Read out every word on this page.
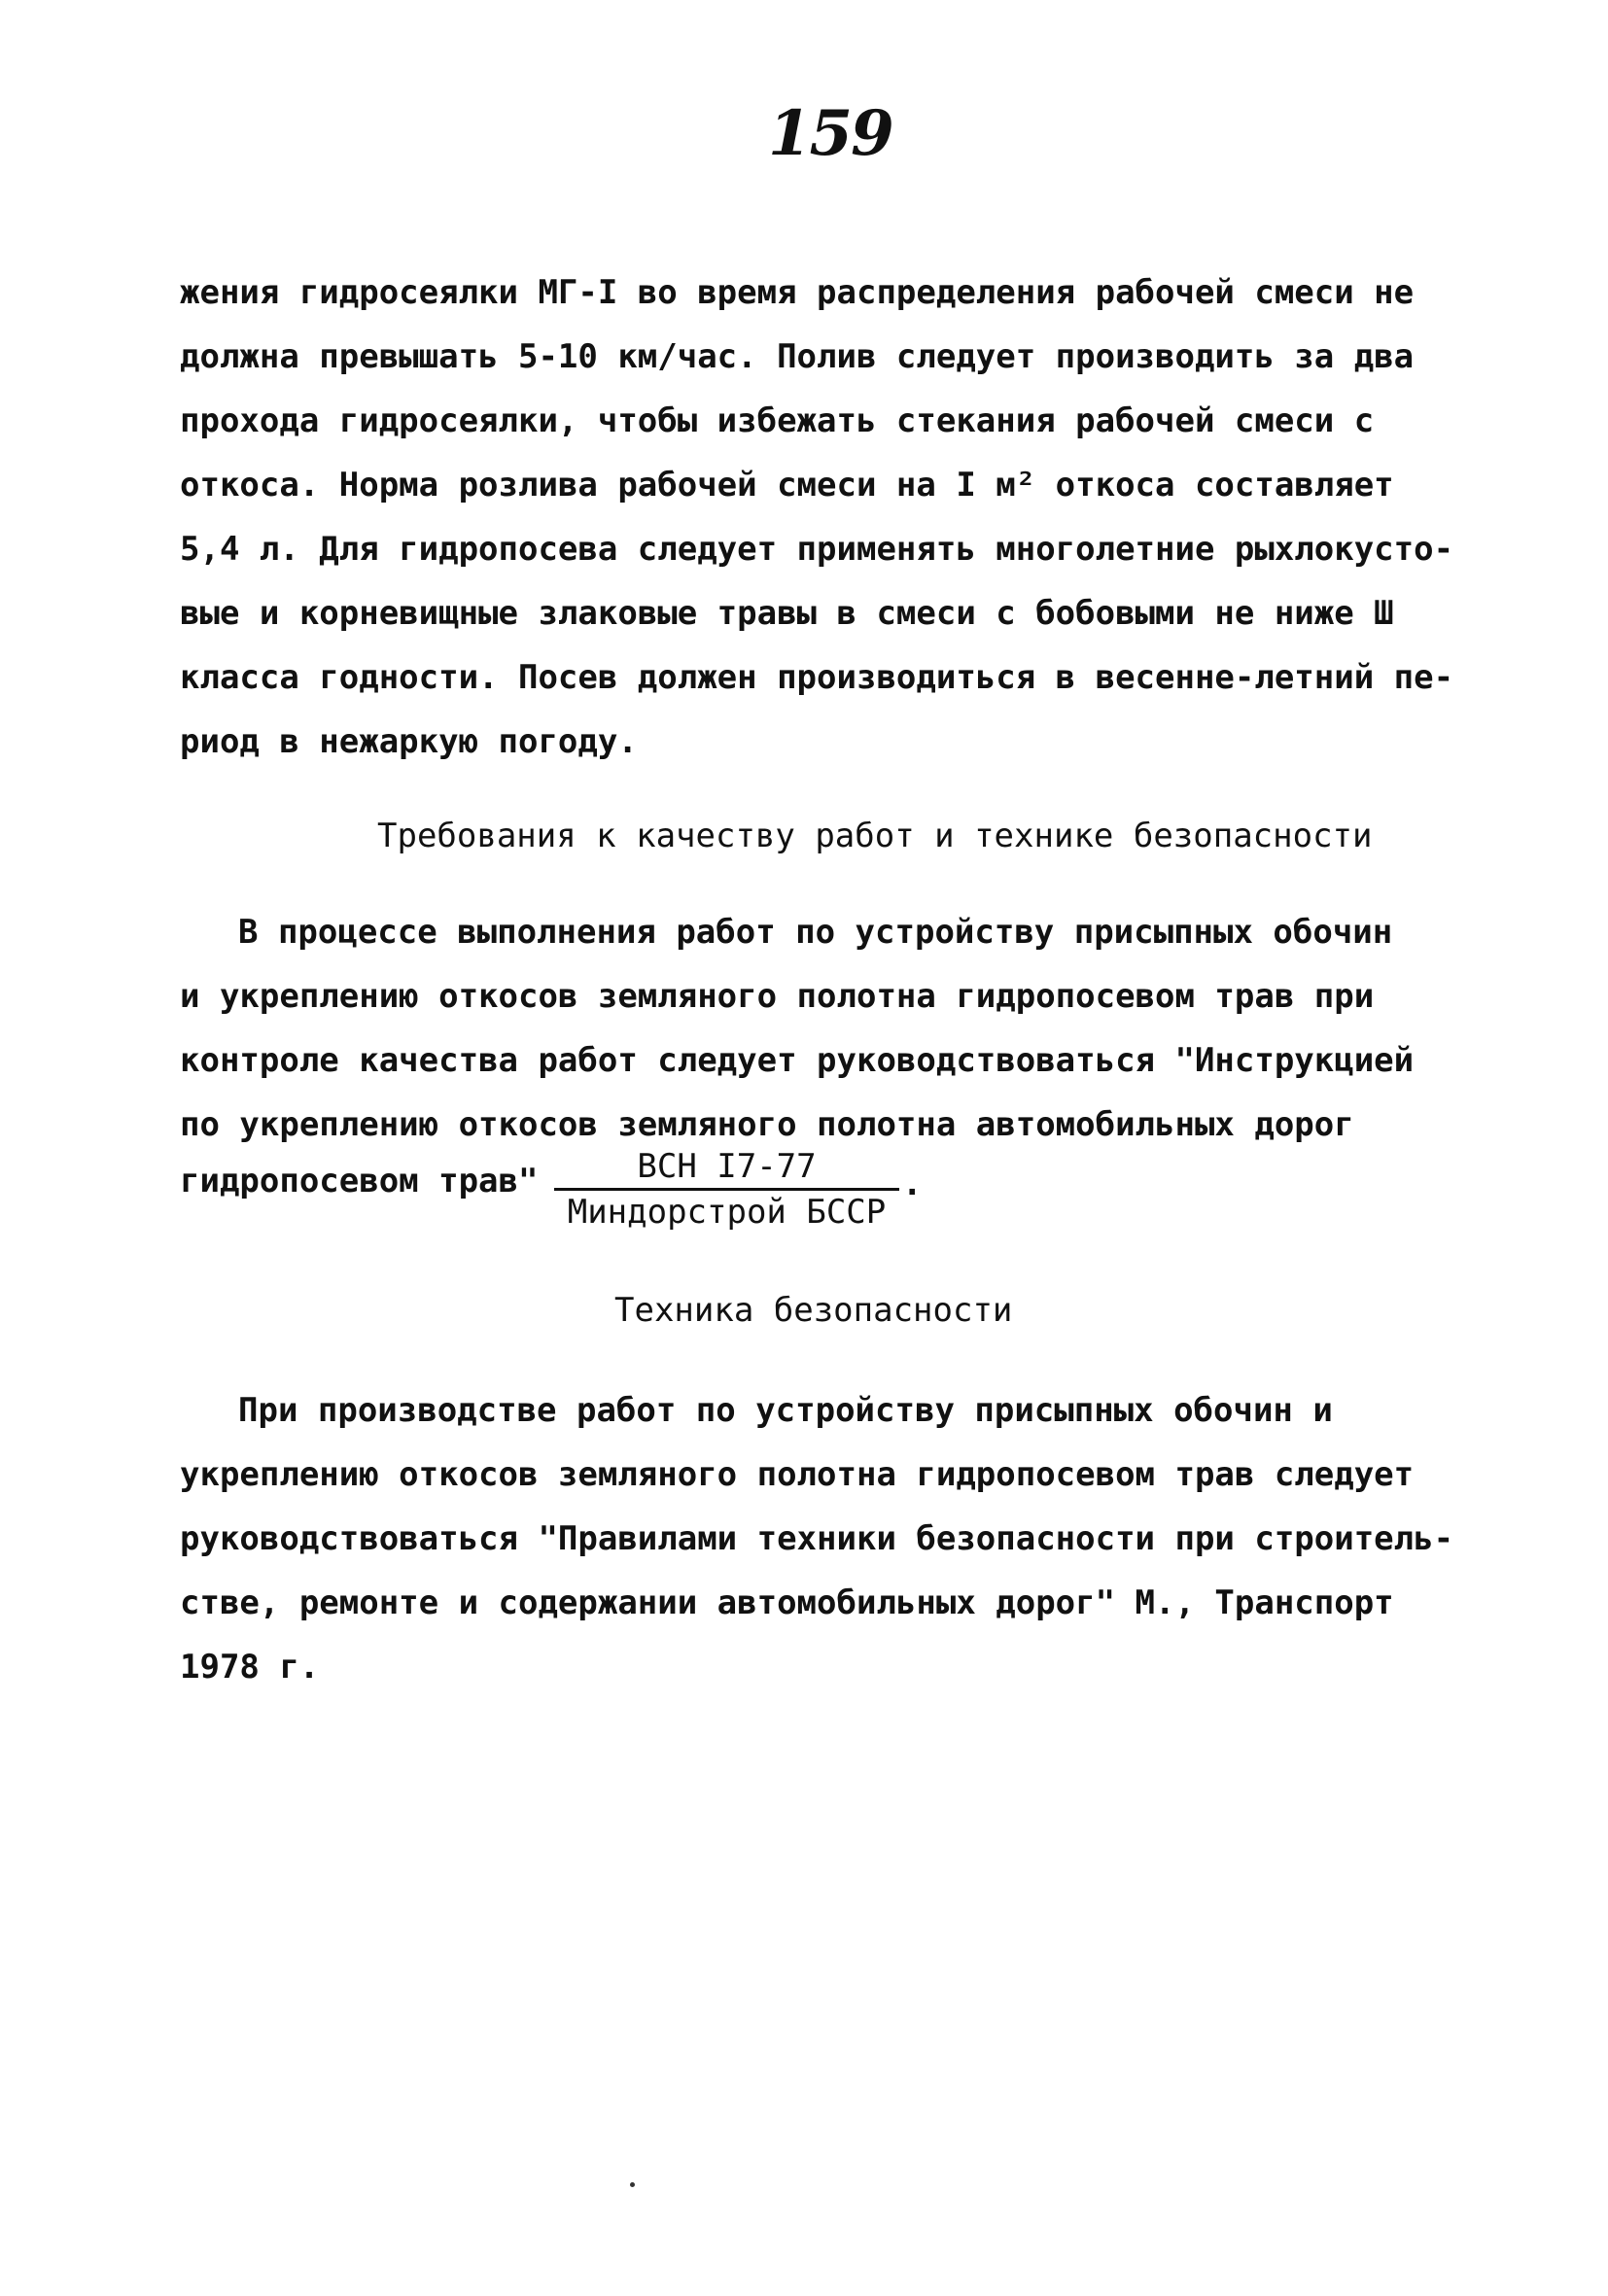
159
жения гидросеялки МГ-I во время распределения рабочей смеси не
должна превышать 5-10 км/час. Полив следует производить за два
прохода гидросеялки, чтобы избежать стекания рабочей смеси с
откоса. Норма розлива рабочей смеси на I м² откоса составляет
5,4 л. Для гидропосева следует применять многолетние рыхлокусто-
вые и корневищные злаковые травы в смеси с бобовыми не ниже Ш
класса годности. Посев должен производиться в весенне-летний пе-
риод в нежаркую погоду.
Требования к качеству работ и технике безопасности
В процессе выполнения работ по устройству присыпных обочин
и укреплению откосов земляного полотна гидропосевом трав при
контроле качества работ следует руководствоваться "Инструкцией
по укреплению откосов земляного полотна автомобильных дорог
гидропосевом трав"	ВСН I7-77
Миндорстрой БССР
.
Техника безопасности
При производстве работ по устройству присыпных обочин и
укреплению откосов земляного полотна гидропосевом трав следует
руководствоваться "Правилами техники безопасности при строитель-
стве, ремонте и содержании автомобильных дорог" М., Транспорт
1978 г.
